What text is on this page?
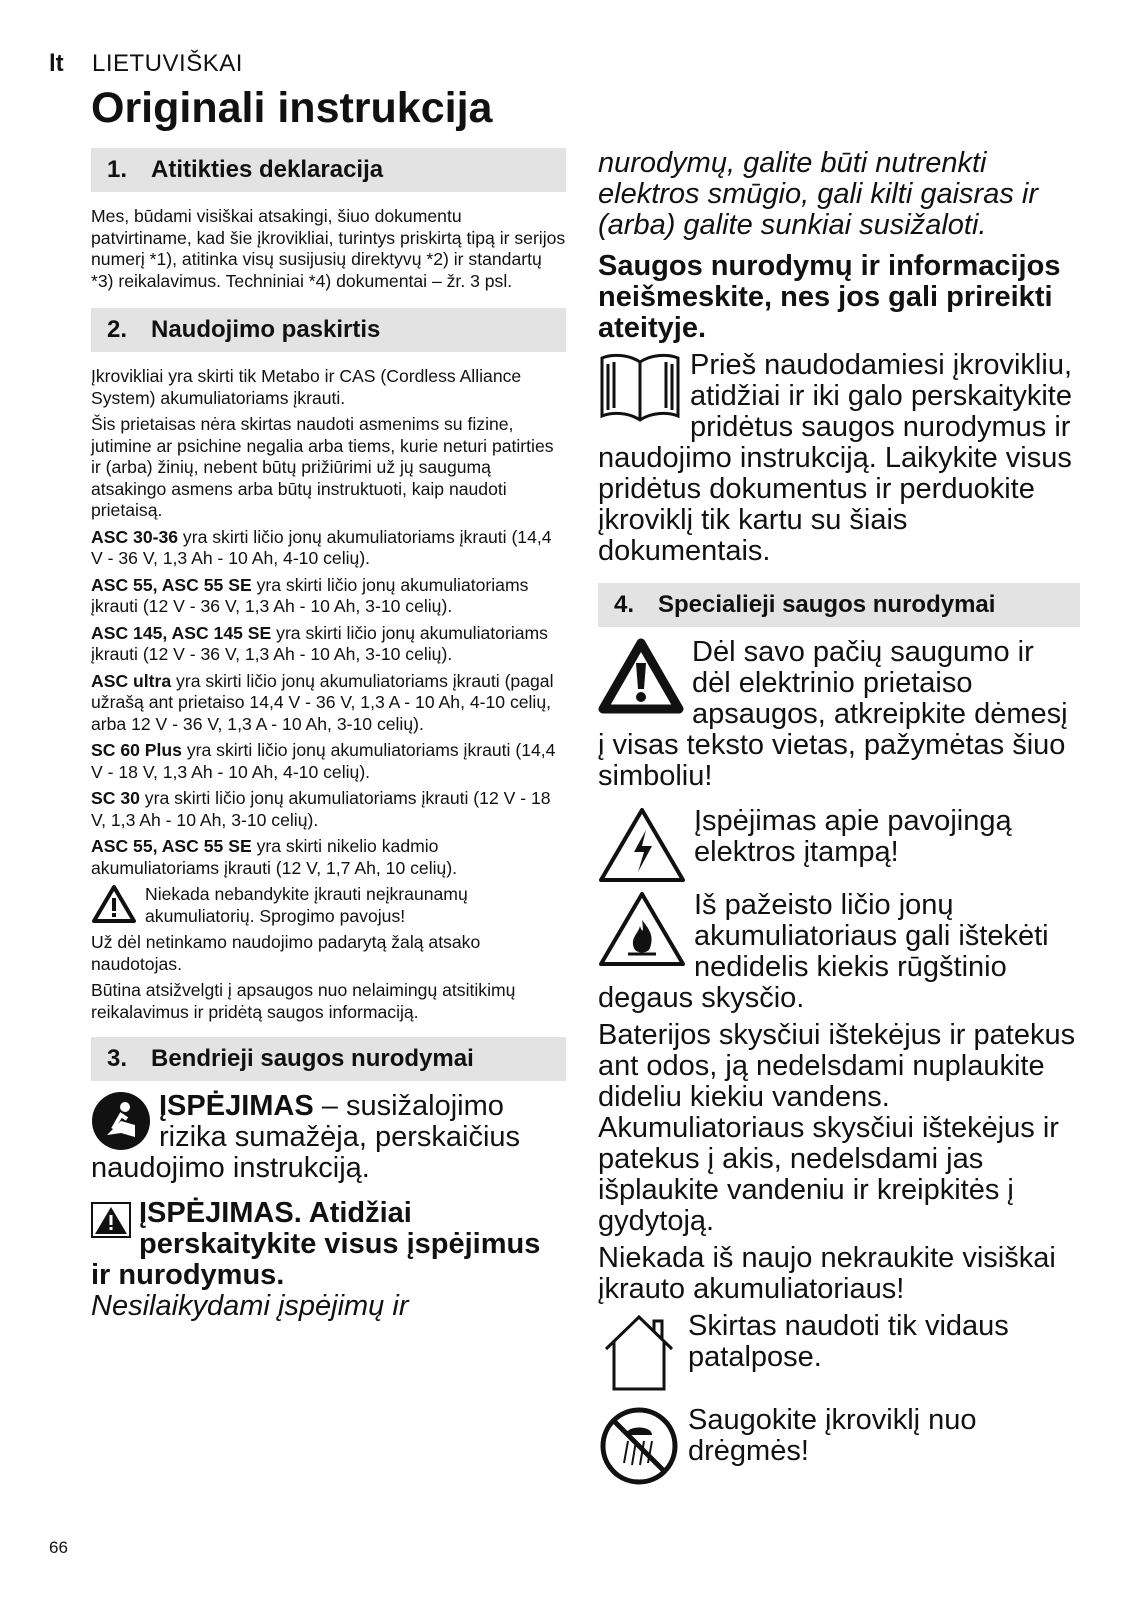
lt LIETUVIŠKAI
Originali instrukcija
1. Atitikties deklaracija

Mes, būdami visiškai atsakingi, šiuo dokumentu patvirtiname, kad šie įkrovikliai, turintys priskirtą tipą ir serijos numerį *1), atitinka visų susijusių direktyvų *2) ir standartų *3) reikalavimus. Techniniai *4) dokumentai – žr. 3 psl.

2. Naudojimo paskirtis

Įkrovikliai yra skirti tik Metabo ir CAS (Cordless Alliance System) akumuliatoriams įkrauti.

Šis prietaisas nėra skirtas naudoti asmenims su fizine, jutimine ar psichine negalia arba tiems, kurie neturi patirties ir (arba) žinių, nebent būtų prižiūrimi už jų saugumą atsakingo asmens arba būtų instruktuoti, kaip naudoti prietaisą.

ASC 30-36 yra skirti ličio jonų akumuliatoriams įkrauti (14,4 V - 36 V, 1,3 Ah - 10 Ah, 4-10 celių).

ASC 55, ASC 55 SE yra skirti ličio jonų akumuliatoriams įkrauti (12 V - 36 V, 1,3 Ah - 10 Ah, 3-10 celių).

ASC 145, ASC 145 SE yra skirti ličio jonų akumuliatoriams įkrauti (12 V - 36 V, 1,3 Ah - 10 Ah, 3-10 celių).

ASC ultra yra skirti ličio jonų akumuliatoriams įkrauti (pagal užrašą ant prietaiso 14,4 V - 36 V, 1,3 A - 10 Ah, 4-10 celių, arba 12 V - 36 V, 1,3 A - 10 Ah, 3-10 celių).

SC 60 Plus yra skirti ličio jonų akumuliatoriams įkrauti (14,4 V - 18 V, 1,3 Ah - 10 Ah, 4-10 celių).

SC 30 yra skirti ličio jonų akumuliatoriams įkrauti (12 V - 18 V, 1,3 Ah - 10 Ah, 3-10 celių).

ASC 55, ASC 55 SE yra skirti nikelio kadmio akumuliatoriams įkrauti (12 V, 1,7 Ah, 10 celių).

Niekada nebandykite įkrauti neįkraunamų akumuliatorių. Sprogimo pavojus!

Už dėl netinkamo naudojimo padarytą žalą atsako naudotojas.

Būtina atsižvelgti į apsaugos nuo nelaimingų atsitikimų reikalavimus ir pridėtą saugos informaciją.

3. Bendrieji saugos nurodymai
ĮSPĖJIMAS – susižalojimo rizika sumažėja, perskaičius naudojimo instrukciją.
ĮSPĖJIMAS. Atidžiai perskaitykite visus įspėjimus ir nurodymus.
Nesilaikydami įspėjimų ir
nurodymų, galite būti nutrenkti elektros smūgio, gali kilti gaisras ir (arba) galite sunkiai susižaloti.
Saugos nurodymų ir informacijos neišmeskite, nes jos gali prireikti ateityje.
Prieš naudodamiesi įkrovikliu, atidžiai ir iki galo perskaitykite pridėtus saugos nurodymus ir naudojimo instrukciją. Laikykite visus pridėtus dokumentus ir perduokite įkroviklį tik kartu su šiais dokumentais.
4. Specialieji saugos nurodymai
Dėl savo pačių saugumo ir dėl elektrinio prietaiso apsaugos, atkreipkite dėmesį į visas teksto vietas, pažymėtas šiuo simboliu!
Įspėjimas apie pavojingą elektros įtampą!
Iš pažeisto ličio jonų akumuliatoriaus gali ištekėti nedidelis kiekis rūgštinio degaus skysčio.
Baterijos skysčiui ištekėjus ir patekus ant odos, ją nedelsdami nuplaukite dideliu kiekiu vandens. Akumuliatoriaus skysčiui ištekėjus ir patekus į akis, nedelsdami jas išplaukite vandeniu ir kreipkitės į gydytoją.
Niekada iš naujo nekraukite visiškai įkrauto akumuliatoriaus!
Skirtas naudoti tik vidaus patalpose.
Saugokite įkroviklį nuo drėgmės!
66
